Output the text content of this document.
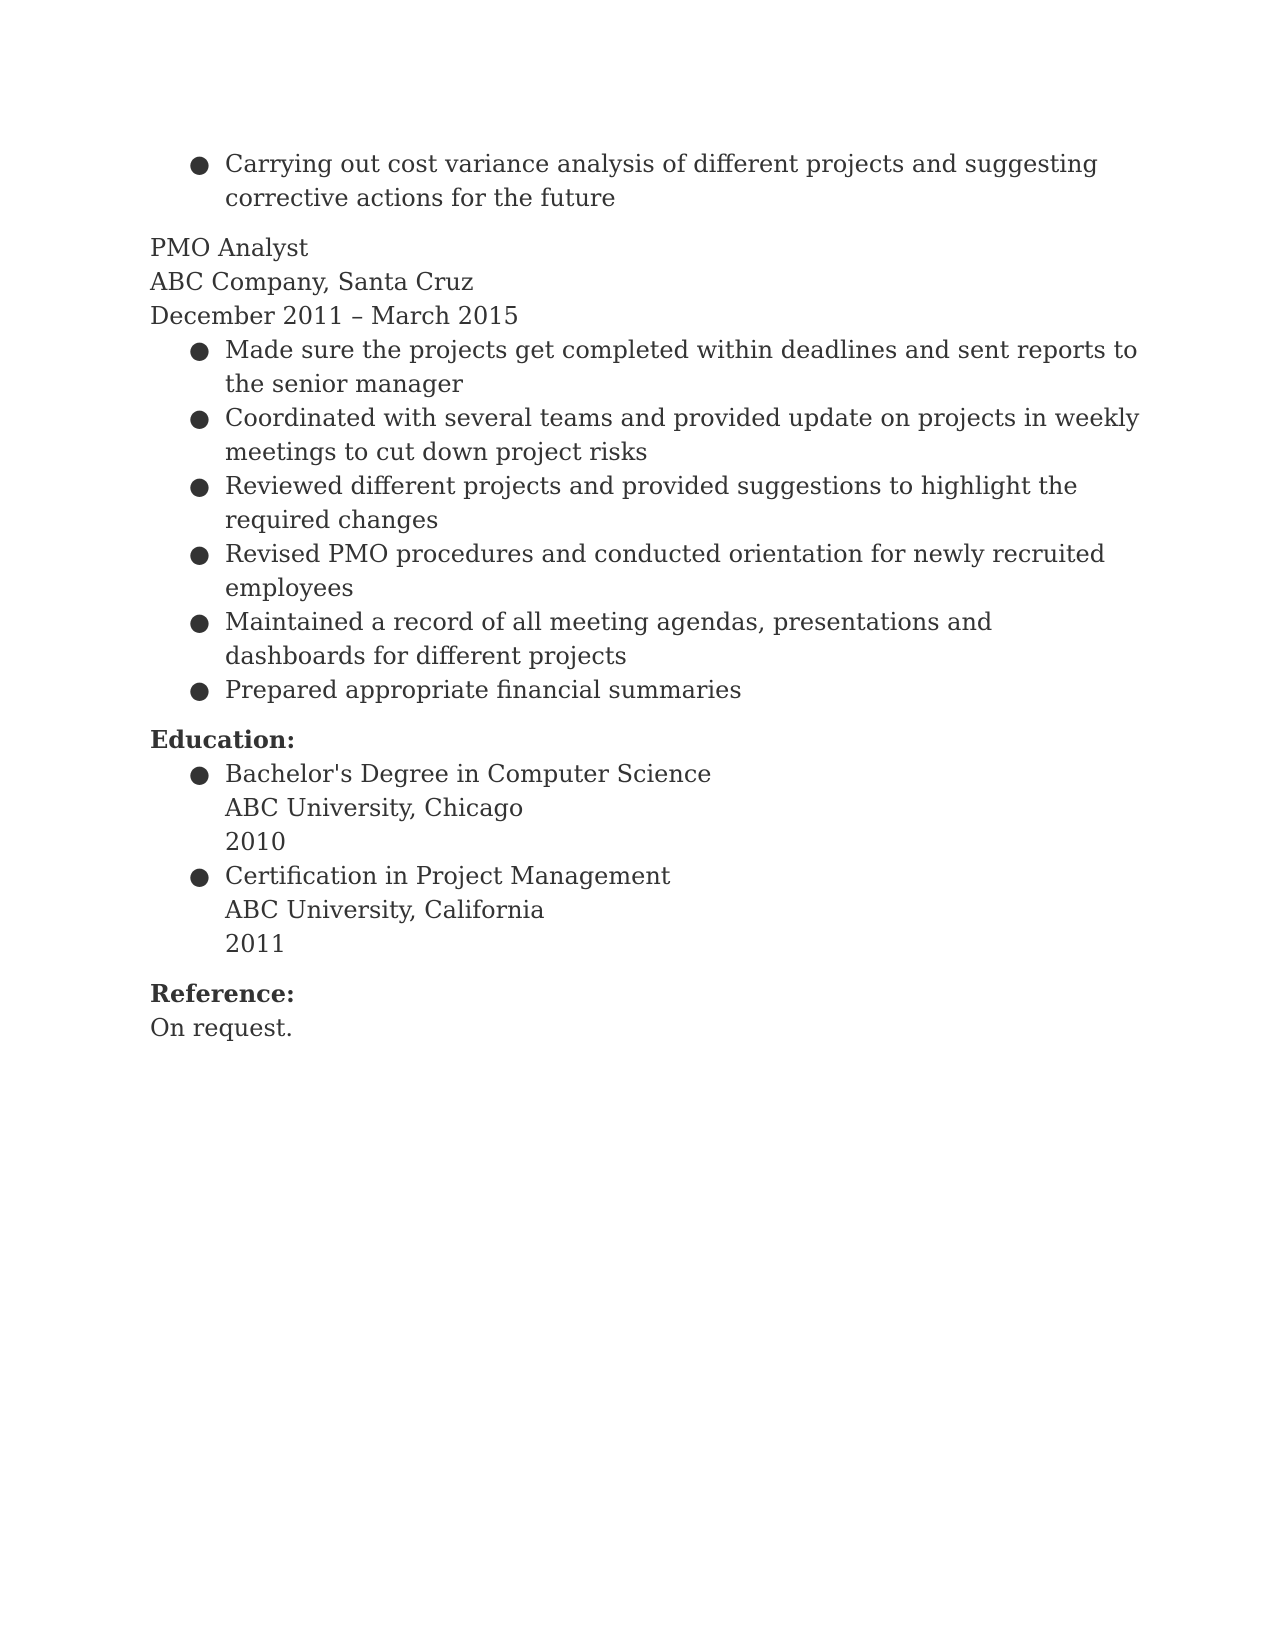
● Carrying out cost variance analysis of different projects and suggesting corrective actions for the future
PMO Analyst
ABC Company, Santa Cruz
December 2011 – March 2015
● Made sure the projects get completed within deadlines and sent reports to the senior manager
● Coordinated with several teams and provided update on projects in weekly meetings to cut down project risks
● Reviewed different projects and provided suggestions to highlight the required changes
● Revised PMO procedures and conducted orientation for newly recruited employees
● Maintained a record of all meeting agendas, presentations and dashboards for different projects
● Prepared appropriate financial summaries
Education:
● Bachelor's Degree in Computer Science
ABC University, Chicago
2010
● Certification in Project Management
ABC University, California
2011
Reference:
On request.
